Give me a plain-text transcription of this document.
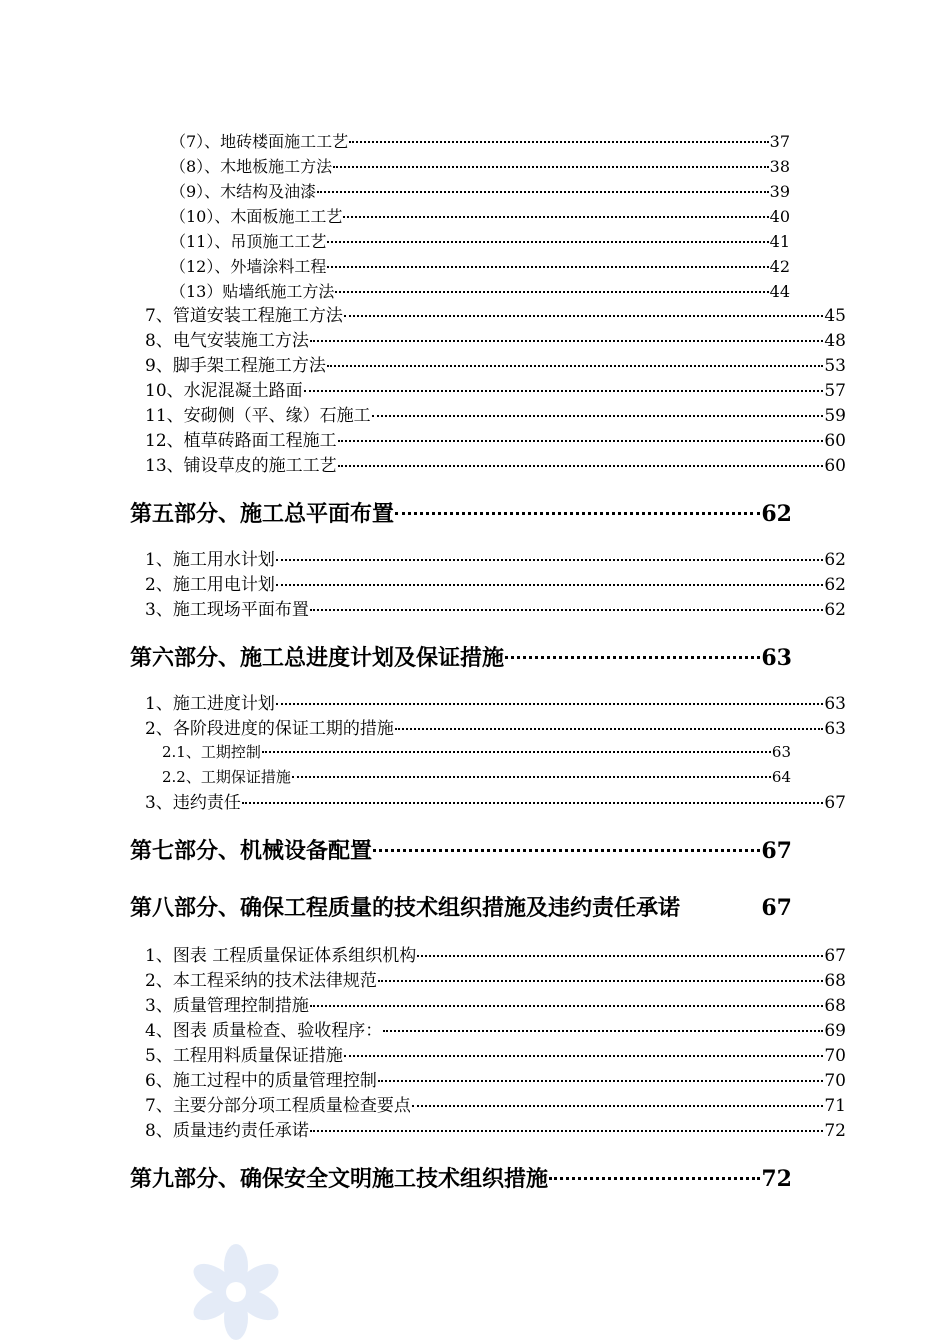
（7）、地砖楼面施工工艺	37
（8）、木地板施工方法	38
（9）、木结构及油漆	39
（10）、木面板施工工艺	40
（11）、吊顶施工工艺	41
（12）、外墙涂料工程	42
（13）贴墙纸施工方法	44
7、管道安装工程施工方法	45
8、电气安装施工方法	48
9、脚手架工程施工方法	53
10、水泥混凝土路面	57
11、安砌侧（平、缘）石施工	59
12、植草砖路面工程施工	60
13、铺设草皮的施工工艺	60
第五部分、施工总平面布置	62
1、施工用水计划	62
2、施工用电计划	62
3、施工现场平面布置	62
第六部分、施工总进度计划及保证措施	63
1、施工进度计划	63
2、各阶段进度的保证工期的措施	63
2.1、工期控制	63
2.2、工期保证措施	64
3、违约责任	67
第七部分、机械设备配置	67
第八部分、确保工程质量的技术组织措施及违约责任承诺	67
1、图表 工程质量保证体系组织机构	67
2、本工程采纳的技术法律规范	68
3、质量管理控制措施	68
4、图表 质量检查、验收程序：	69
5、工程用料质量保证措施	70
6、施工过程中的质量管理控制	70
7、主要分部分项工程质量检查要点	71
8、质量违约责任承诺	72
第九部分、确保安全文明施工技术组织措施	72
